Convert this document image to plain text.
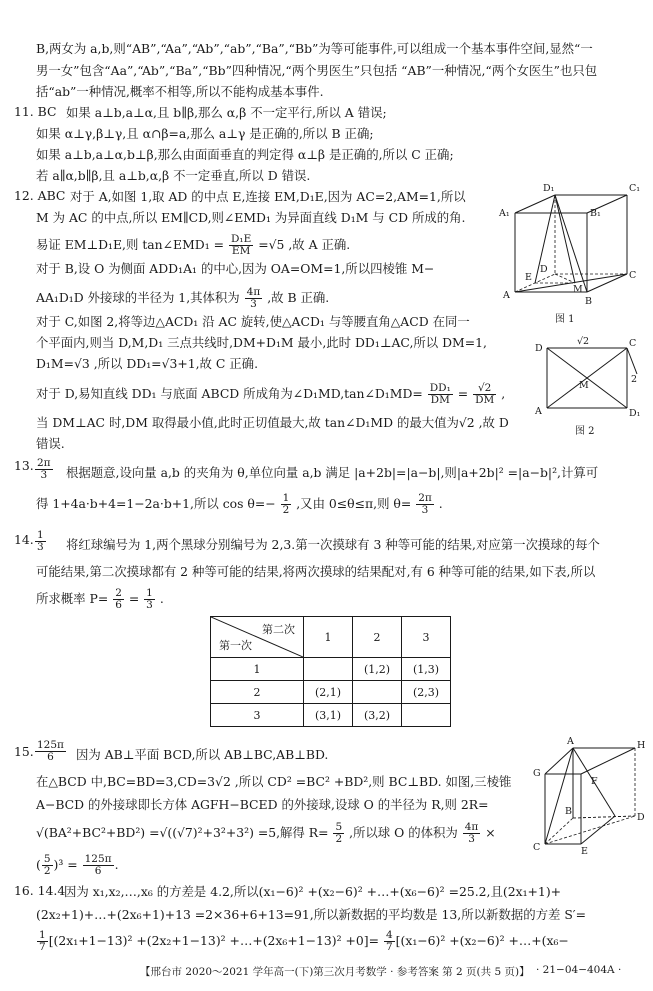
B,两女为 a,b,则“AB”,“Aa”,“Ab”,“ab”,“Ba”,“Bb”为等可能事件,可以组成一个基本事件空间,显然“一
男一女”包含“Aa”,“Ab”,“Ba”,“Bb”四种情况,“两个男医生”只包括 “AB”一种情况,“两个女医生”也只包
括“ab”一种情况,概率不相等,所以不能构成基本事件.
11. BC 如果 a⊥b,a⊥α,且 b∥β,那么 α,β 不一定平行,所以 A 错误;
如果 α⊥γ,β⊥γ,且 α∩β=a,那么 a⊥γ 是正确的,所以 B 正确;
如果 a⊥b,a⊥α,b⊥β,那么由面面垂直的判定得 α⊥β 是正确的,所以 C 正确;
若 a∥α,b∥β,且 a⊥b,α,β 不一定垂直,所以 D 错误.
12. ABC 对于 A,如图 1,取 AD 的中点 E,连接 EM,D₁E,因为 AC=2,AM=1,所以
M 为 AC 的中点,所以 EM∥CD,则∠EMD₁ 为异面直线 D₁M 与 CD 所成的角.
易证 EM⊥D₁E,则 tan∠EMD₁ = $\frac{\text{D₁E}}{EM} =√5$ ,故 A 正确.
对于 B,设 O 为侧面 ADD₁A₁ 的中心,因为 OA=OM=1,所以四棱锥 M−
AA₁D₁D 外接球的半径为 1,其体积为 $\frac{4\pi}{3}$ ,故 B 正确.
对于 C,如图 2,将等边△ACD₁ 沿 AC 旋转,使△ACD₁ 与等腰直角△ACD 在同一
个平面内,则当 D,M,D₁ 三点共线时,DM+D₁M 最小,此时 DD₁⊥AC,所以 DM=1,
D₁M=√3 ,所以 DD₁=√3+1,故 C 正确.
对于 D,易知直线 DD₁ 与底面 ABCD 所成角为∠D₁MD,tan∠D₁MD= $\frac{\text{DD₁}}{DM} = \frac{√2}{DM}$ ,
当 DM⊥AC 时,DM 取得最小值,此时正切值最大,故 tan∠D₁MD 的最大值为√2 ,故 D
错误.
D₁	C₁
A₁	B₁
E
D
A
M
B
C
图 1
D	C
M
A	D₁
√2
2
图 2
13. $\frac{2\pi}{3}$ 根据题意,设向量 a,b 的夹角为 θ,单位向量 a,b 满足 |a+2b|=|a−b|,则|a+2b|² =|a−b|²,计算可
得 1+4a·b+4=1−2a·b+1,所以 $\cos \theta=- \frac{1}{2}$ ,又由 0≤θ≤π,则 $\theta= \frac{2\pi}{3}$ .
14. $\frac{1}{3}$ 将红球编号为 1,两个黑球分别编号为 2,3.第一次摸球有 3 种等可能的结果,对应第一次摸球的每个
可能结果,第二次摸球都有 2 种等可能的结果,将两次摸球的结果配对,有 6 种等可能的结果,如下表,所以
所求概率 $P= \frac{2}{6} = \frac{1}{3}$ .
第二次
第一次	1	2	3
1		(1,2)	(1,3)
2	(2,1)		(2,3)
3	(3,1)	(3,2)	
15. $\frac{125\pi}{6}$ 因为 AB⊥平面 BCD,所以 AB⊥BC,AB⊥BD.
在△BCD 中,BC=BD=3,CD=3√2 ,所以 CD² =BC² +BD²,则 BC⊥BD. 如图,三棱锥
A−BCD 的外接球即长方体 AGFH−BCED 的外接球,设球 O 的半径为 R,则 2R=
√(BA²+BC²+BD²) =√((√7)²+3²+3²) =5,解得 $R= \frac{5}{2}$ ,所以球 O 的体积为 $\frac{4\pi}{3}$ ×
( $\frac{5}{2} )^3 = \frac{125\pi}{6}$ .
A	H
G
F
B
D
C	E
16. 14.4
因为 x₁,x₂,…,x₆ 的方差是 4.2,所以(x₁−6)² +(x₂−6)² +…+(x₆−6)² =25.2,且(2x₁+1)+
(2x₂+1)+…+(2x₆+1)+13 =2×36+6+13=91,所以新数据的平均数是 13,所以新数据的方差 S′=
$\frac{1}{7} [(2x_1+1-13)^2 +(2x_2+1-13)^2$ +…+(2x₆+1−13)² $+0]= \frac{4}{7} [(x_1-6)^2 +(x_2-6)^2$ +…+(x₆−
【邢台市 2020～2021 学年高一(下)第三次月考数学 · 参考答案 第 2 页(共 5 页)】 · 21−04−404A ·
